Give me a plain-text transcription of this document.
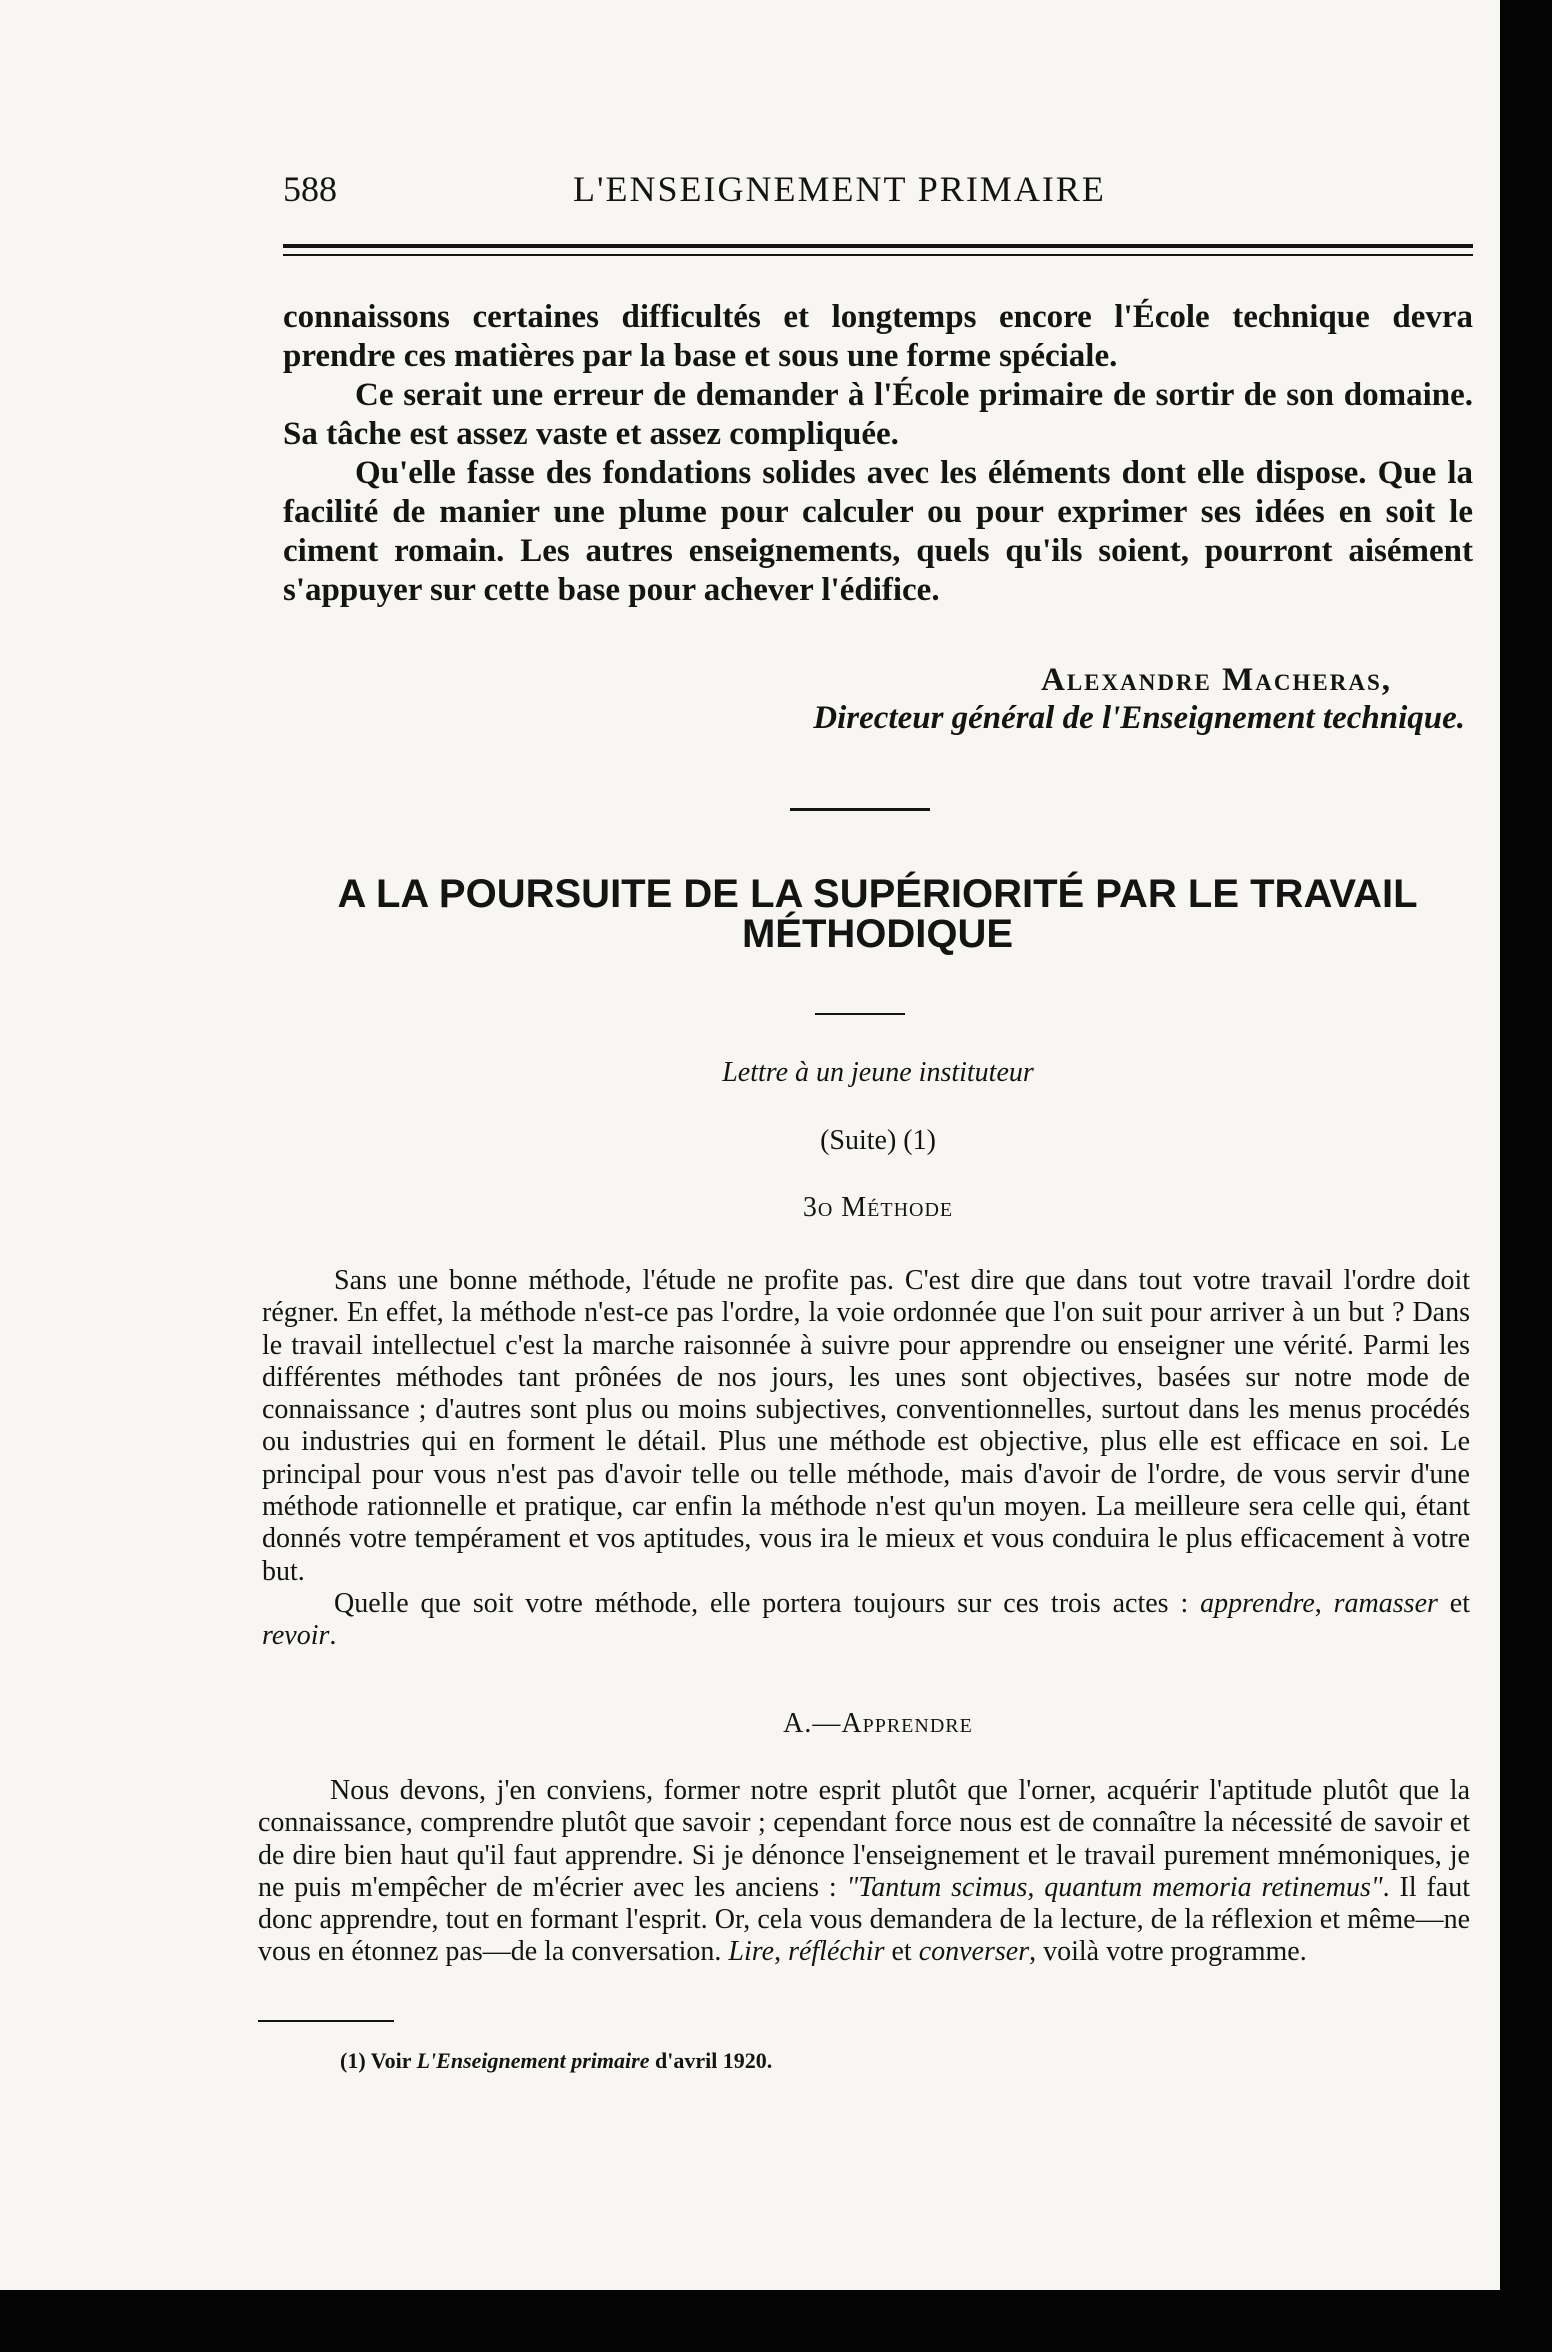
588	L'ENSEIGNEMENT PRIMAIRE

connaissons certaines difficultés et longtemps encore l'École technique devra prendre ces matières par la base et sous une forme spéciale.

Ce serait une erreur de demander à l'École primaire de sortir de son domaine. Sa tâche est assez vaste et assez compliquée.

Qu'elle fasse des fondations solides avec les éléments dont elle dispose. Que la facilité de manier une plume pour calculer ou pour exprimer ses idées en soit le ciment romain. Les autres enseignements, quels qu'ils soient, pourront aisément s'appuyer sur cette base pour achever l'édifice.

Alexandre Macheras,
Directeur général de l'Enseignement technique.
A LA POURSUITE DE LA SUPÉRIORITÉ PAR LE TRAVAIL
MÉTHODIQUE
Lettre à un jeune instituteur
(Suite) (1)
3o Méthode

Sans une bonne méthode, l'étude ne profite pas. C'est dire que dans tout votre travail l'ordre doit régner. En effet, la méthode n'est-ce pas l'ordre, la voie ordonnée que l'on suit pour arriver à un but ? Dans le travail intellectuel c'est la marche raisonnée à suivre pour apprendre ou enseigner une vérité. Parmi les différentes méthodes tant prônées de nos jours, les unes sont objectives, basées sur notre mode de connaissance ; d'autres sont plus ou moins subjectives, conventionnelles, surtout dans les menus procédés ou industries qui en forment le détail. Plus une méthode est objective, plus elle est efficace en soi. Le principal pour vous n'est pas d'avoir telle ou telle méthode, mais d'avoir de l'ordre, de vous servir d'une méthode rationnelle et pratique, car enfin la méthode n'est qu'un moyen. La meilleure sera celle qui, étant donnés votre tempérament et vos aptitudes, vous ira le mieux et vous conduira le plus efficacement à votre but.

Quelle que soit votre méthode, elle portera toujours sur ces trois actes : apprendre, ramasser et revoir.

A.—Apprendre

Nous devons, j'en conviens, former notre esprit plutôt que l'orner, acquérir l'aptitude plutôt que la connaissance, comprendre plutôt que savoir ; cependant force nous est de connaître la nécessité de savoir et de dire bien haut qu'il faut apprendre. Si je dénonce l'enseignement et le travail purement mnémoniques, je ne puis m'empêcher de m'écrier avec les anciens : "Tantum scimus, quantum memoria retinemus". Il faut donc apprendre, tout en formant l'esprit. Or, cela vous demandera de la lecture, de la réflexion et même—ne vous en étonnez pas—de la conversation. Lire, réfléchir et converser, voilà votre programme.

(1) Voir L'Enseignement primaire d'avril 1920.
